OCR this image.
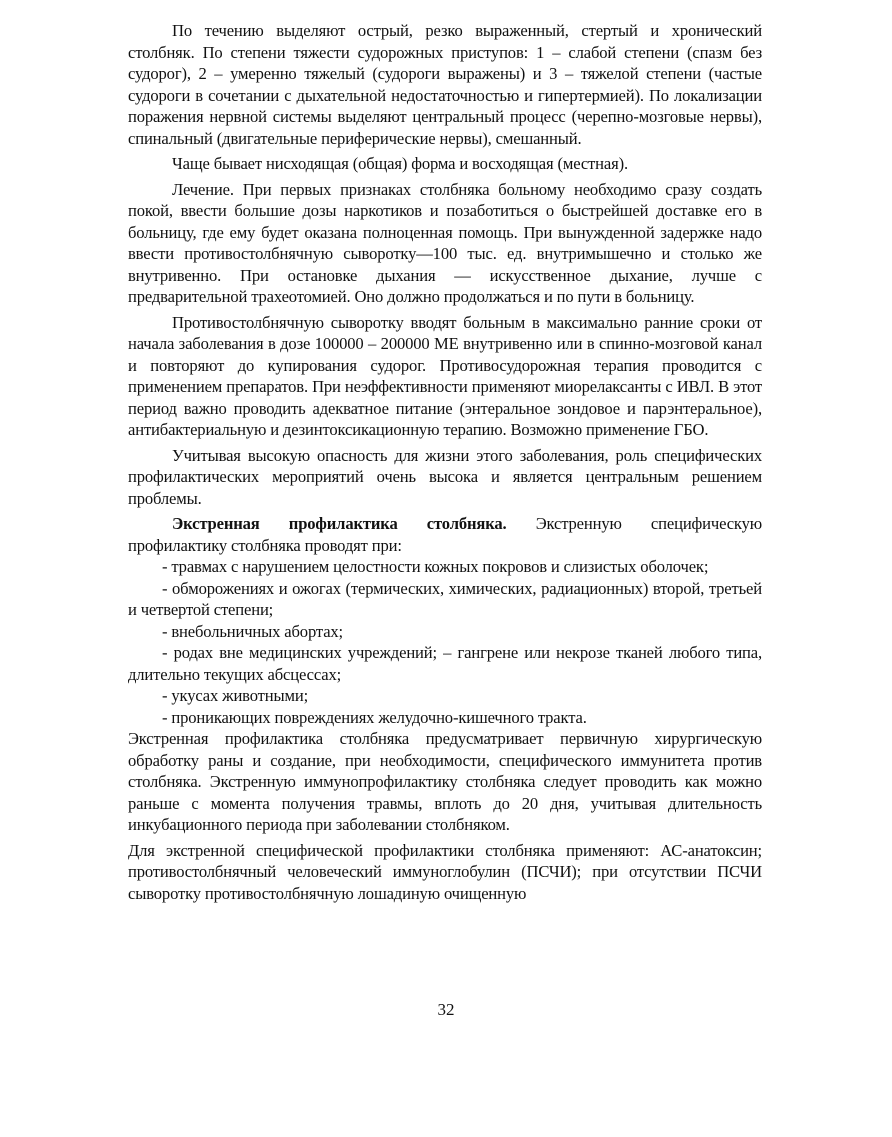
По течению выделяют острый, резко выраженный, стертый и хронический столбняк. По степени тяжести судорожных приступов: 1 – слабой степени (спазм без судорог), 2 – умеренно тяжелый (судороги выражены) и 3 – тяжелой степени (частые судороги в сочетании с дыхательной недостаточностью и гипертермией). По локализации поражения нервной системы выделяют центральный процесс (черепно-мозговые нервы), спинальный (двигательные периферические нервы), смешанный.

Чаще бывает нисходящая (общая) форма и восходящая (местная).

Лечение. При первых признаках столбняка больному необходимо сразу создать покой, ввести большие дозы наркотиков и позаботиться о быстрейшей доставке его в больницу, где ему будет оказана полноценная помощь. При вынужденной задержке надо ввести противостолбнячную сыворотку—100 тыс. ед. внутримышечно и столько же внутривенно. При остановке дыхания — искусственное дыхание, лучше с предварительной трахеотомией. Оно должно продолжаться и по пути в больницу.

Противостолбнячную сыворотку вводят больным в максимально ранние сроки от начала заболевания в дозе 100000 – 200000 МЕ внутривенно или в спинно-мозговой канал и повторяют до купирования судорог. Противосудорожная терапия проводится с применением препаратов. При неэффективности применяют миорелаксанты с ИВЛ. В этот период важно проводить адекватное питание (энтеральное зондовое и парэнтеральное), антибактериальную и дезинтоксикационную терапию. Возможно применение ГБО.

Учитывая высокую опасность для жизни этого заболевания, роль специфических профилактических мероприятий очень высока и является центральным решением проблемы.

Экстренная профилактика столбняка. Экстренную специфическую профилактику столбняка проводят при:

- травмах с нарушением целостности кожных покровов и слизистых оболочек;

- обморожениях и ожогах (термических, химических, радиационных) второй, третьей и четвертой степени;

- внебольничных абортах;

- родах вне медицинских учреждений; – гангрене или некрозе тканей любого типа, длительно текущих абсцессах;

- укусах животными;

- проникающих повреждениях желудочно-кишечного тракта.

Экстренная профилактика столбняка предусматривает первичную хирургическую обработку раны и создание, при необходимости, специфического иммунитета против столбняка. Экстренную иммунопрофилактику столбняка следует проводить как можно раньше с момента получения травмы, вплоть до 20 дня, учитывая длительность инкубационного периода при заболевании столбняком.

Для экстренной специфической профилактики столбняка применяют: АС-анатоксин; противостолбнячный человеческий иммуноглобулин (ПСЧИ); при отсутствии ПСЧИ сыворотку противостолбнячную лошадиную очищенную

32
